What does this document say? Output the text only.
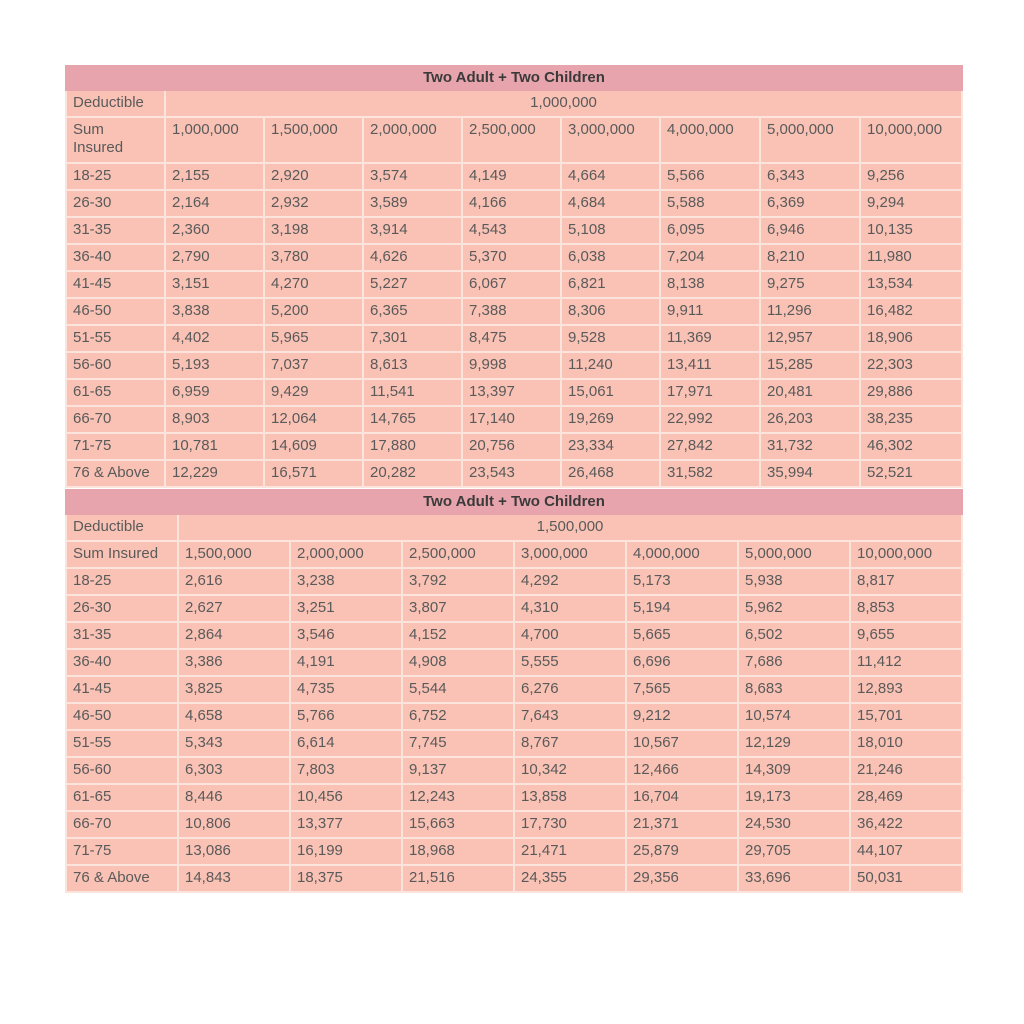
Two Adult + Two Children								
Deductible	1,000,000							
Sum Insured	1,000,000	1,500,000	2,000,000	2,500,000	3,000,000	4,000,000	5,000,000	10,000,000
18-25	2,155	2,920	3,574	4,149	4,664	5,566	6,343	9,256
26-30	2,164	2,932	3,589	4,166	4,684	5,588	6,369	9,294
31-35	2,360	3,198	3,914	4,543	5,108	6,095	6,946	10,135
36-40	2,790	3,780	4,626	5,370	6,038	7,204	8,210	11,980
41-45	3,151	4,270	5,227	6,067	6,821	8,138	9,275	13,534
46-50	3,838	5,200	6,365	7,388	8,306	9,911	11,296	16,482
51-55	4,402	5,965	7,301	8,475	9,528	11,369	12,957	18,906
56-60	5,193	7,037	8,613	9,998	11,240	13,411	15,285	22,303
61-65	6,959	9,429	11,541	13,397	15,061	17,971	20,481	29,886
66-70	8,903	12,064	14,765	17,140	19,269	22,992	26,203	38,235
71-75	10,781	14,609	17,880	20,756	23,334	27,842	31,732	46,302
76 & Above	12,229	16,571	20,282	23,543	26,468	31,582	35,994	52,521
Two Adult + Two Children							
Deductible	1,500,000						
Sum Insured	1,500,000	2,000,000	2,500,000	3,000,000	4,000,000	5,000,000	10,000,000
18-25	2,616	3,238	3,792	4,292	5,173	5,938	8,817
26-30	2,627	3,251	3,807	4,310	5,194	5,962	8,853
31-35	2,864	3,546	4,152	4,700	5,665	6,502	9,655
36-40	3,386	4,191	4,908	5,555	6,696	7,686	11,412
41-45	3,825	4,735	5,544	6,276	7,565	8,683	12,893
46-50	4,658	5,766	6,752	7,643	9,212	10,574	15,701
51-55	5,343	6,614	7,745	8,767	10,567	12,129	18,010
56-60	6,303	7,803	9,137	10,342	12,466	14,309	21,246
61-65	8,446	10,456	12,243	13,858	16,704	19,173	28,469
66-70	10,806	13,377	15,663	17,730	21,371	24,530	36,422
71-75	13,086	16,199	18,968	21,471	25,879	29,705	44,107
76 & Above	14,843	18,375	21,516	24,355	29,356	33,696	50,031
